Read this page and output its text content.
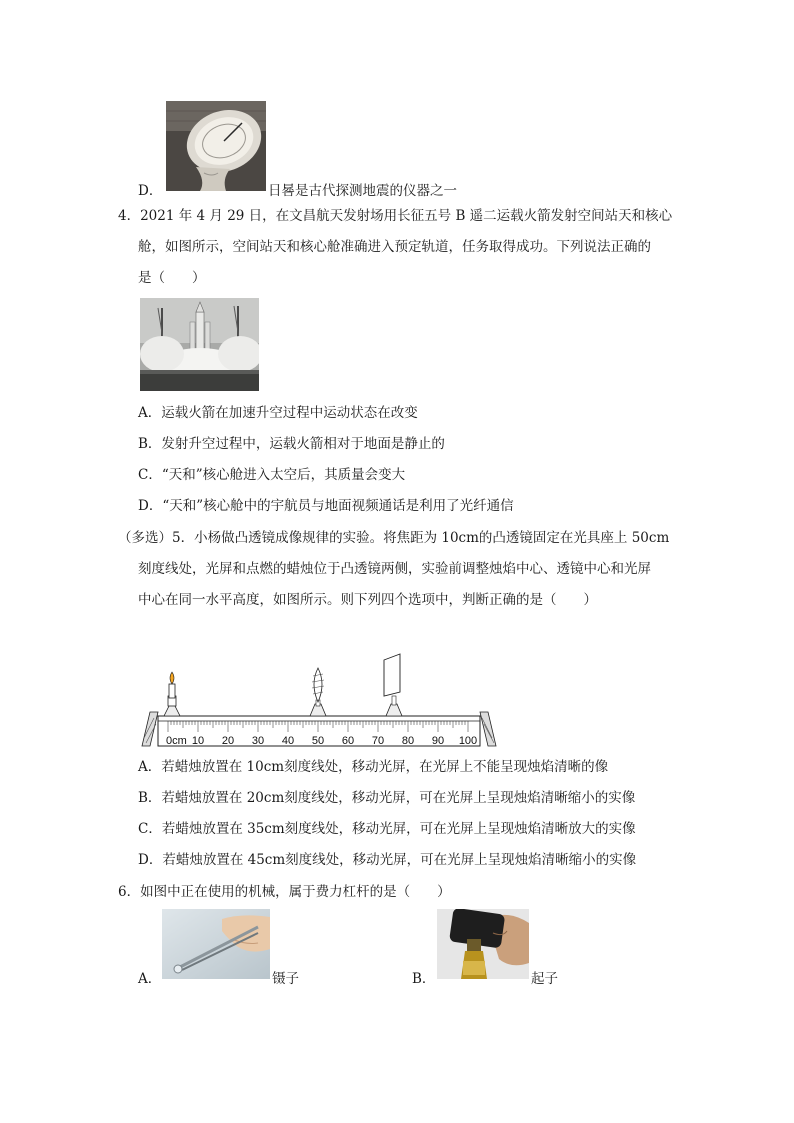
D．	日晷是古代探测地震的仪器之一
4．2021 年 4 月 29 日，在文昌航天发射场用长征五号 B 遥二运载火箭发射空间站天和核心
舱，如图所示，空间站天和核心舱准确进入预定轨道，任务取得成功。下列说法正确的
是（　　）
A．运载火箭在加速升空过程中运动状态在改变
B．发射升空过程中，运载火箭相对于地面是静止的
C．“天和”核心舱进入太空后，其质量会变大
D．“天和”核心舱中的宇航员与地面视频通话是利用了光纤通信
（多选）5．小杨做凸透镜成像规律的实验。将焦距为 10cm的凸透镜固定在光具座上 50cm
刻度线处，光屏和点燃的蜡烛位于凸透镜两侧，实验前调整烛焰中心、透镜中心和光屏
中心在同一水平高度，如图所示。则下列四个选项中，判断正确的是（　　）
0cm 10 20 30 40 50 60 70 80 90 100
A．若蜡烛放置在 10cm刻度线处，移动光屏，在光屏上不能呈现烛焰清晰的像
B．若蜡烛放置在 20cm刻度线处，移动光屏，可在光屏上呈现烛焰清晰缩小的实像
C．若蜡烛放置在 35cm刻度线处，移动光屏，可在光屏上呈现烛焰清晰放大的实像
D．若蜡烛放置在 45cm刻度线处，移动光屏，可在光屏上呈现烛焰清晰缩小的实像
6．如图中正在使用的机械，属于费力杠杆的是（　　）
A．	镊子	B．	起子
